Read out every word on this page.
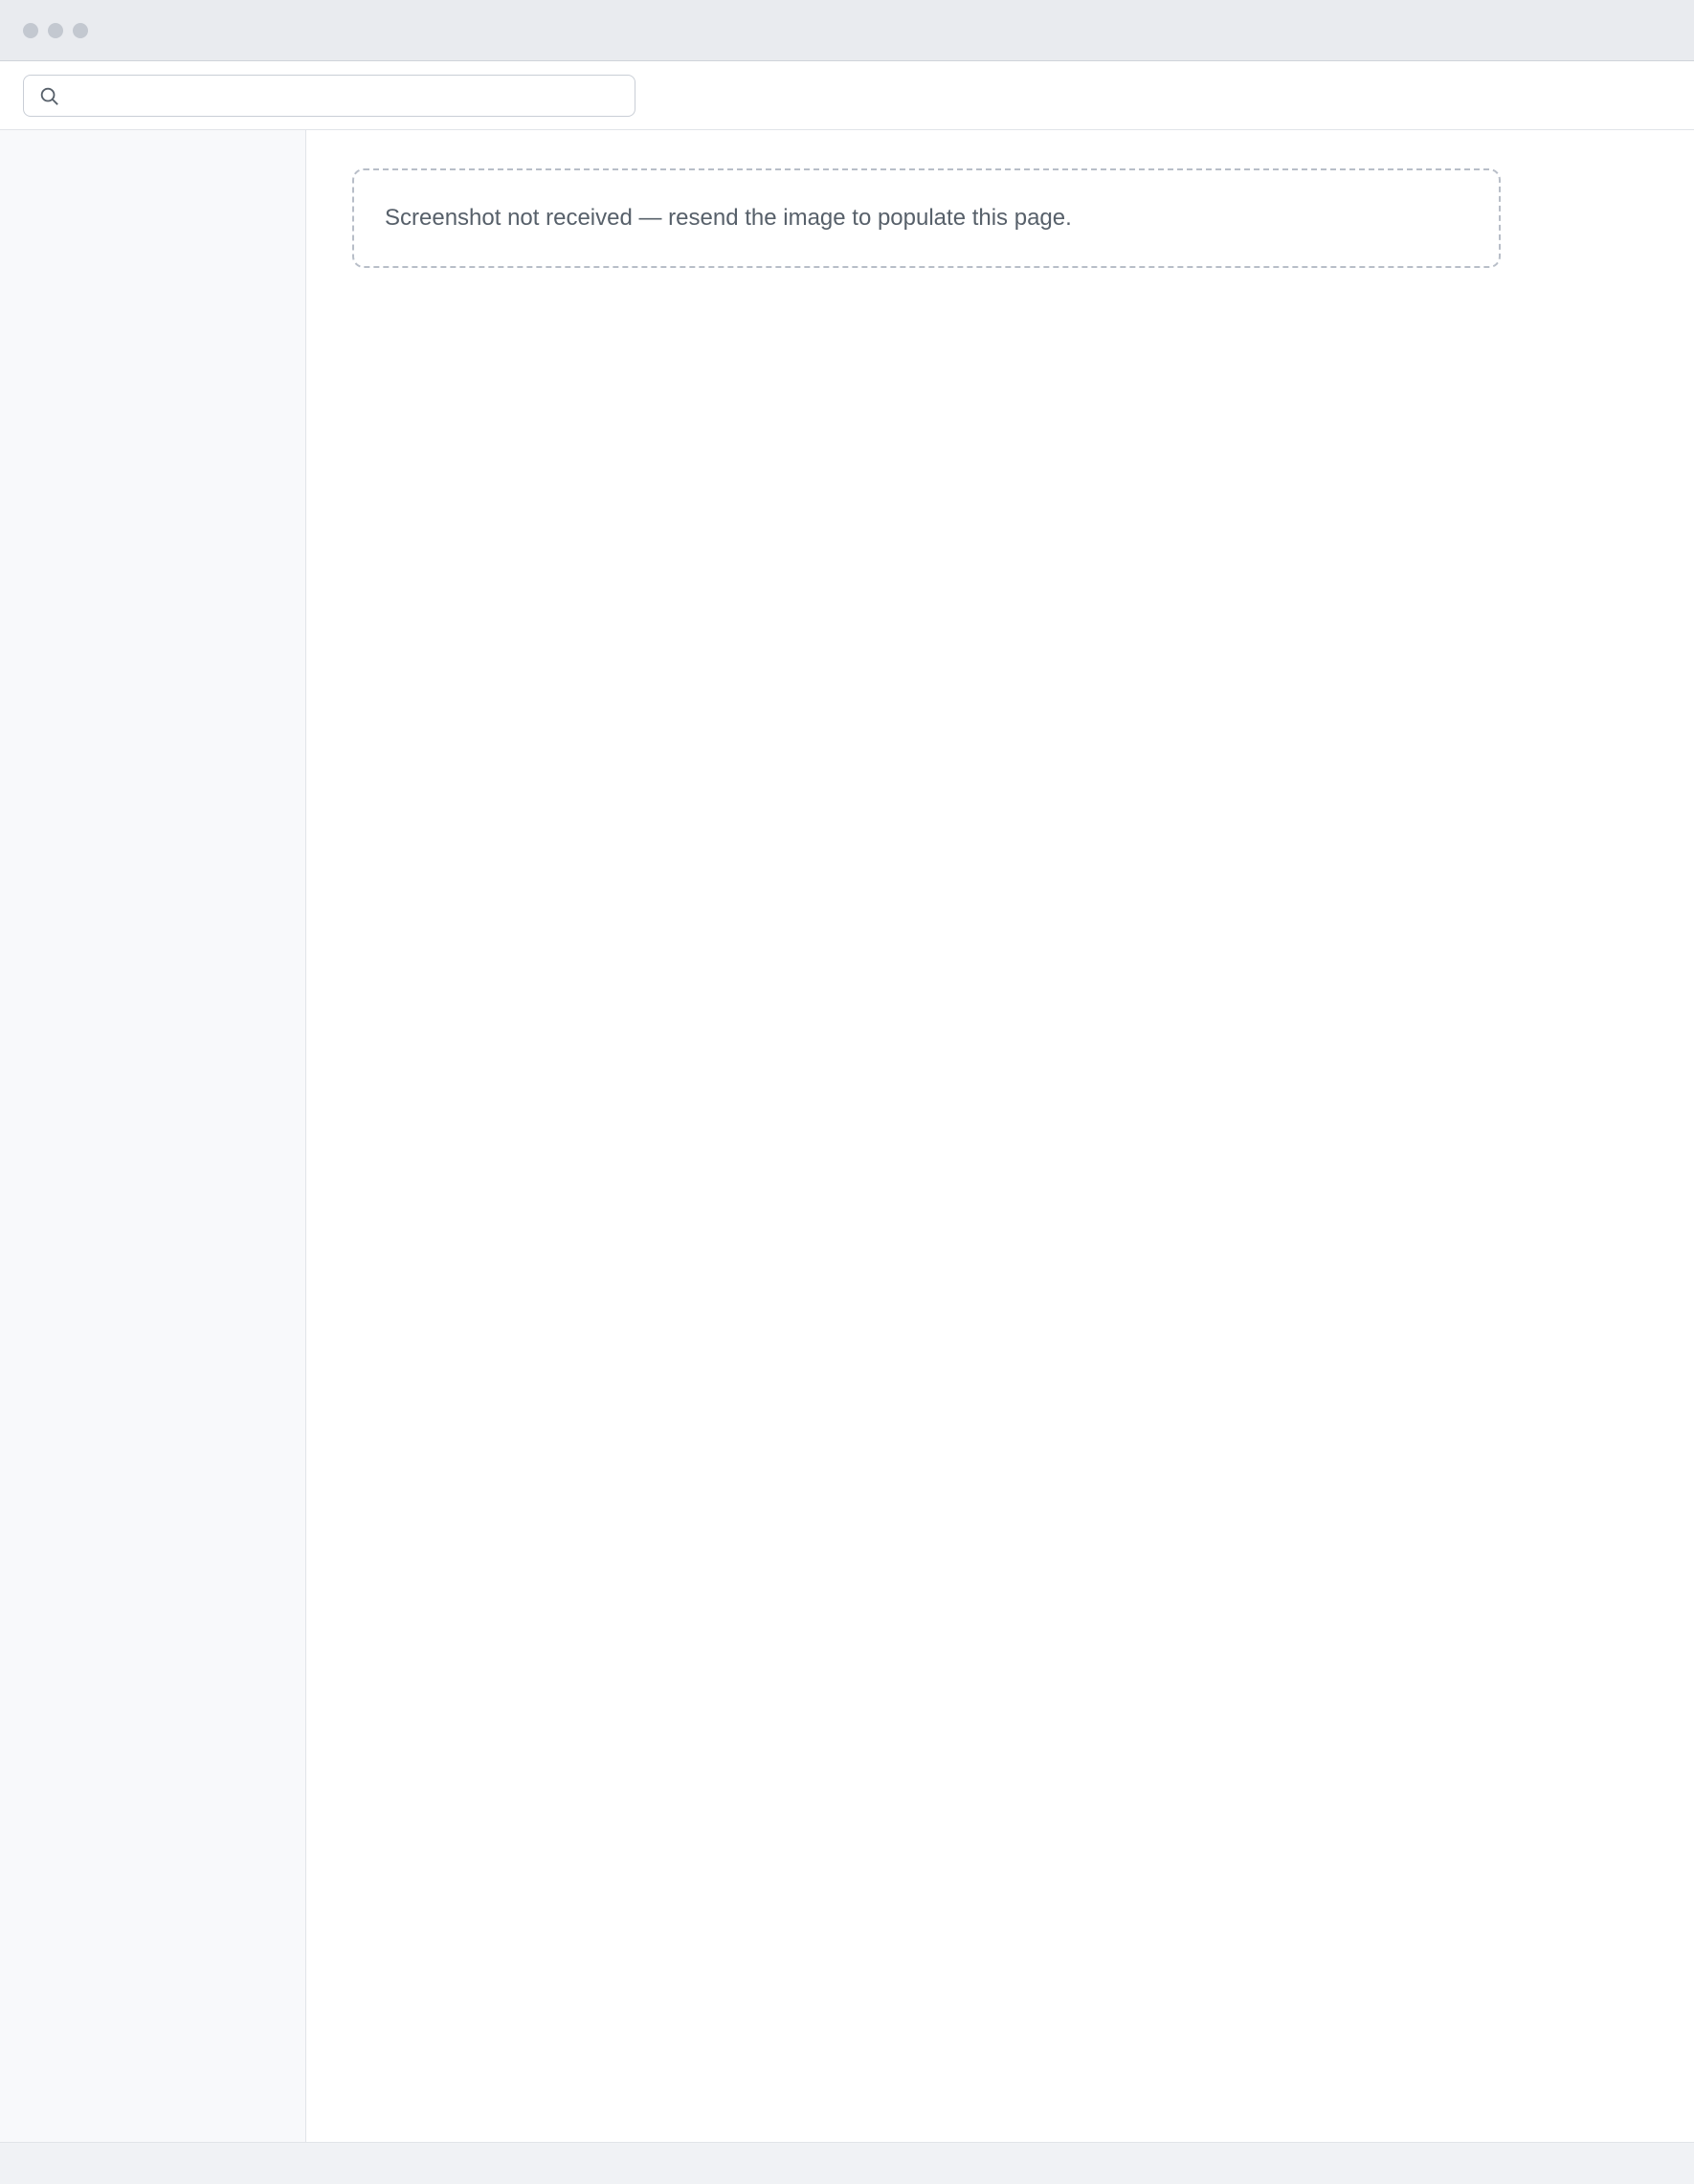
Screenshot not received — resend the image to populate this page.
